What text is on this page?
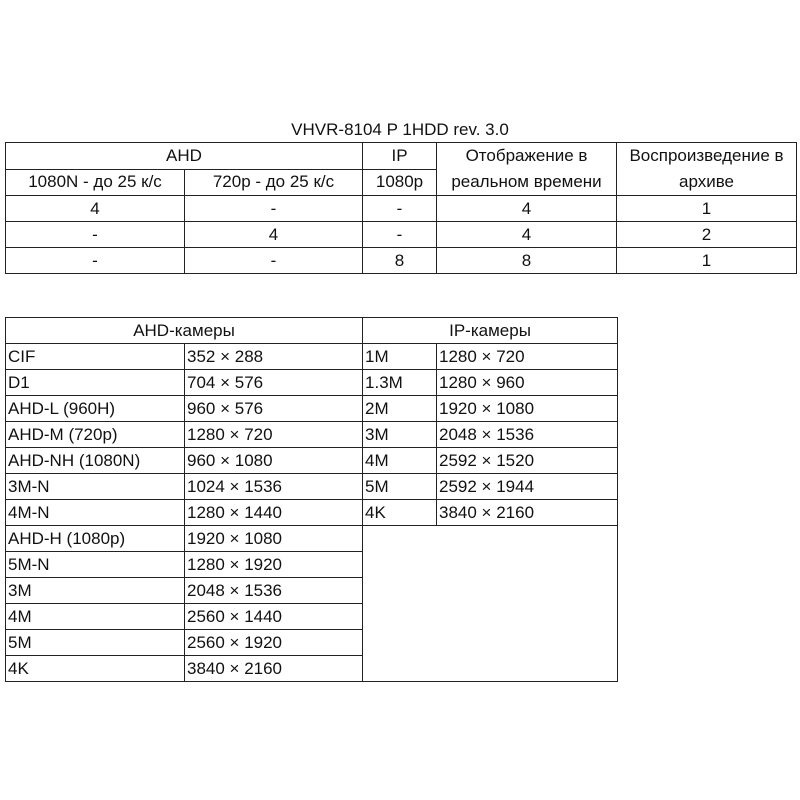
VHVR-8104 P 1HDD rev. 3.0
AHD		IP	Отображение в реальном времени	Воспроизведение в архиве
1080N - до 25 к/с	720p - до 25 к/с	1080p		
4	-	-	4	1
-	4	-	4	2
-	-	8	8	1
AHD-камеры		IP-камеры	
CIF	352 × 288	1M	1280 × 720
D1	704 × 576	1.3M	1280 × 960
AHD-L (960H)	960 × 576	2M	1920 × 1080
AHD-M (720p)	1280 × 720	3M	2048 × 1536
AHD-NH (1080N)	960 × 1080	4M	2592 × 1520
3M-N	1024 × 1536	5M	2592 × 1944
4M-N	1280 × 1440	4K	3840 × 2160
AHD-H (1080p)	1920 × 1080		
5M-N	1280 × 1920		
3M	2048 × 1536		
4M	2560 × 1440		
5M	2560 × 1920		
4K	3840 × 2160		
